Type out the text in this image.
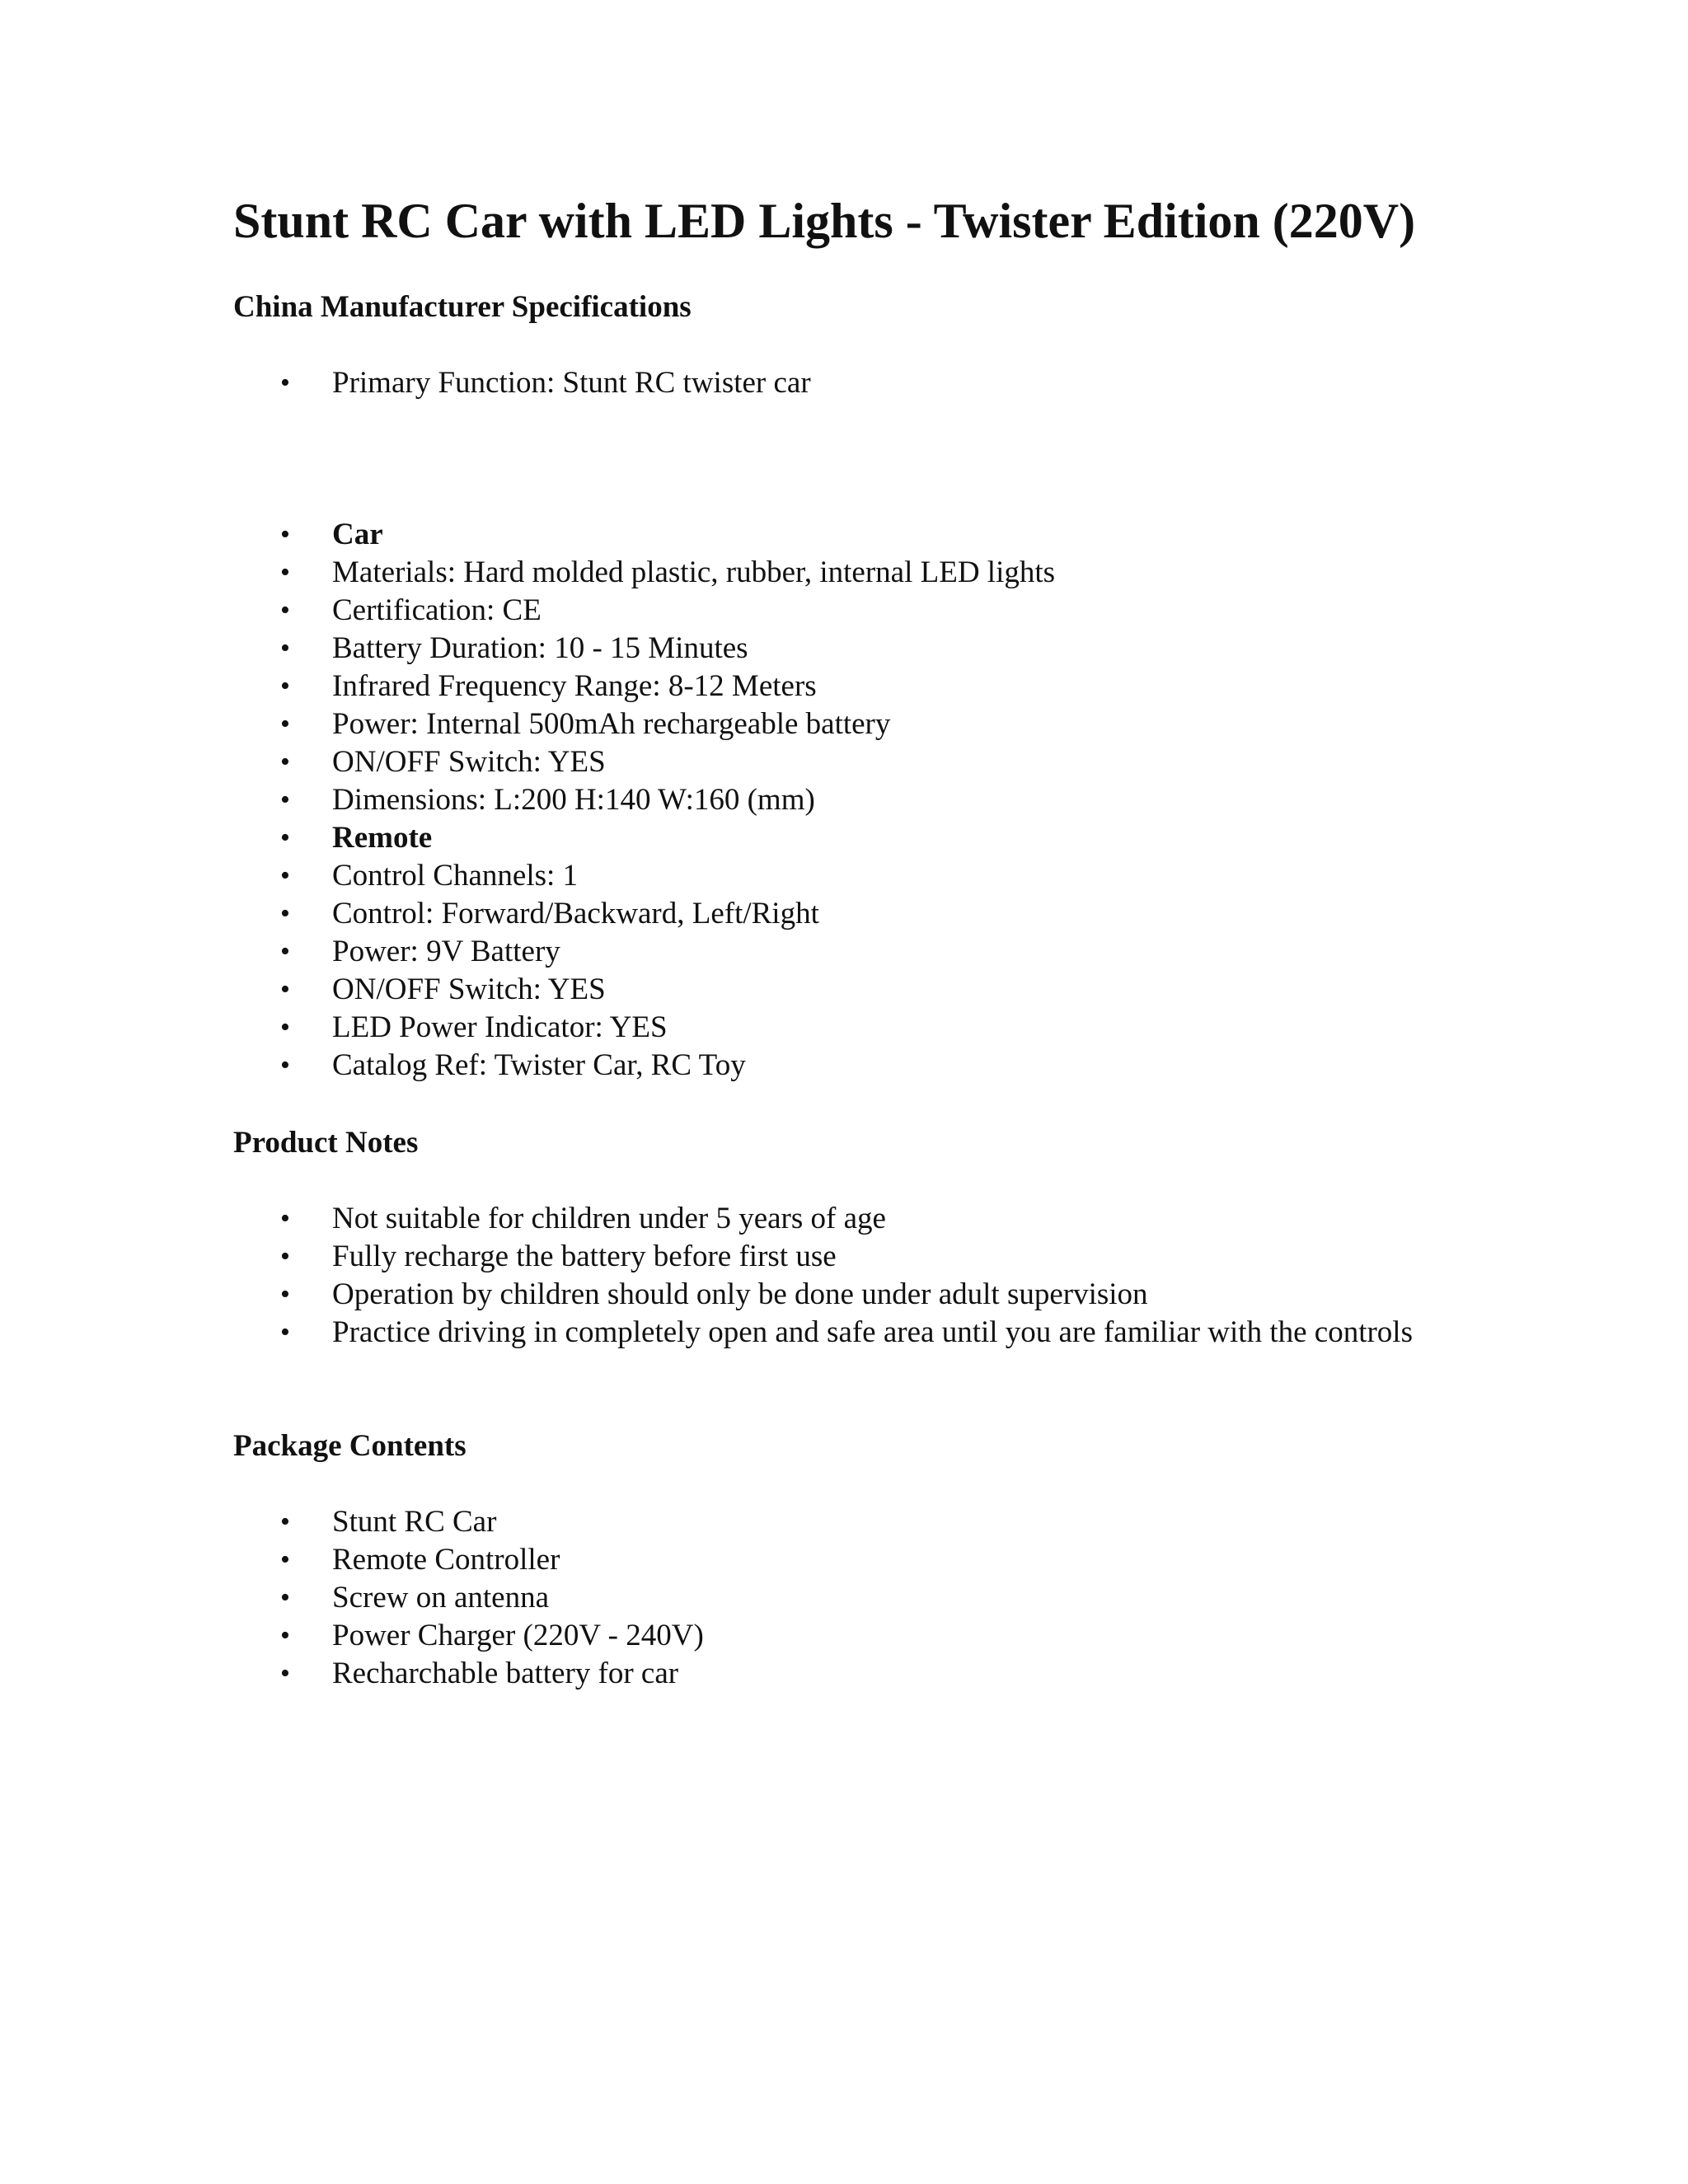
Stunt RC Car with LED Lights - Twister Edition (220V)
China Manufacturer Specifications
• Primary Function: Stunt RC twister car
• Car
• Materials: Hard molded plastic, rubber, internal LED lights
• Certification: CE
• Battery Duration: 10 - 15 Minutes
• Infrared Frequency Range: 8-12 Meters
• Power: Internal 500mAh rechargeable battery
• ON/OFF Switch: YES
• Dimensions: L:200 H:140 W:160 (mm)
• Remote
• Control Channels: 1
• Control: Forward/Backward, Left/Right
• Power: 9V Battery
• ON/OFF Switch: YES
• LED Power Indicator: YES
• Catalog Ref: Twister Car, RC Toy
Product Notes
• Not suitable for children under 5 years of age
• Fully recharge the battery before first use
• Operation by children should only be done under adult supervision
• Practice driving in completely open and safe area until you are familiar with the controls
Package Contents
• Stunt RC Car
• Remote Controller
• Screw on antenna
• Power Charger (220V - 240V)
• Recharchable battery for car
